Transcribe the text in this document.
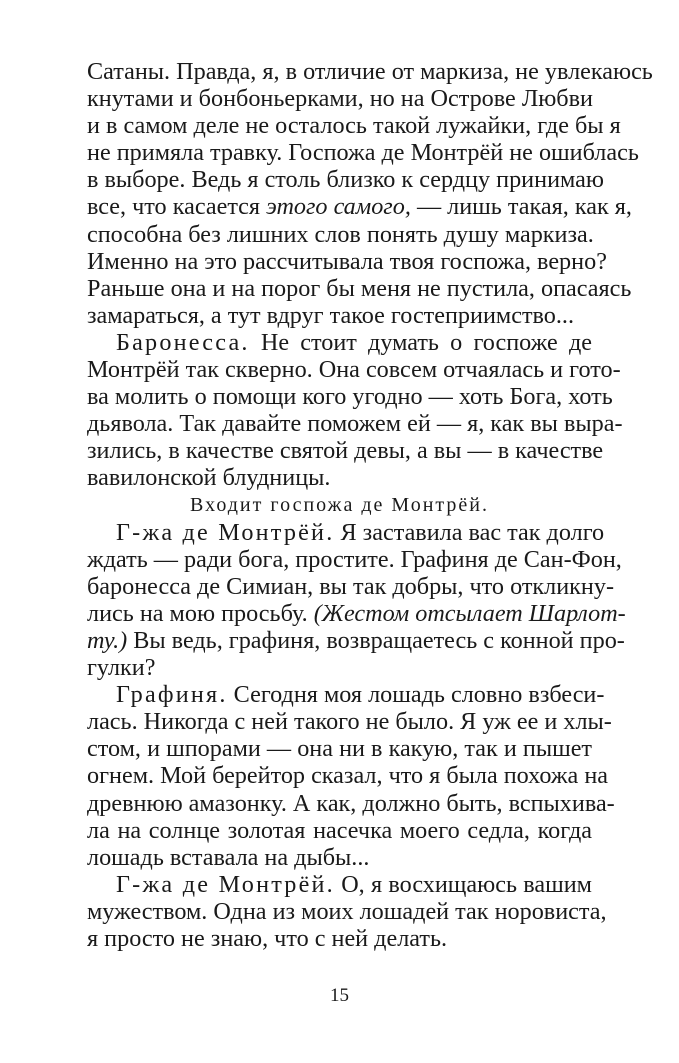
Сатаны. Правда, я, в отличие от маркиза, не увлекаюсь
кнутами и бонбоньерками, но на Острове Любви
и в самом деле не осталось такой лужайки, где бы я
не примяла травку. Госпожа де Монтрёй не ошиблась
в выборе. Ведь я столь близко к сердцу принимаю
все, что касается этого самого, — лишь такая, как я,
способна без лишних слов понять душу маркиза.
Именно на это рассчитывала твоя госпожа, верно?
Раньше она и на порог бы меня не пустила, опасаясь
замараться, а тут вдруг такое гостеприимство...

Баронесса. Не стоит думать о госпоже де
Монтрёй так скверно. Она совсем отчаялась и гото-
ва молить о помощи кого угодно — хоть Бога, хоть
дьявола. Так давайте поможем ей — я, как вы выра-
зились, в качестве святой девы, а вы — в качестве
вавилонской блудницы.

Входит госпожа де Монтрёй.

Г-жа де Монтрёй. Я заставила вас так долго
ждать — ради бога, простите. Графиня де Сан-Фон,
баронесса де Симиан, вы так добры, что откликну-
лись на мою просьбу. (Жестом отсылает Шарлот-
ту.) Вы ведь, графиня, возвращаетесь с конной про-
гулки?

Графиня. Сегодня моя лошадь словно взбеси-
лась. Никогда с ней такого не было. Я уж ее и хлы-
стом, и шпорами — она ни в какую, так и пышет
огнем. Мой берейтор сказал, что я была похожа на
древнюю амазонку. А как, должно быть, вспыхива-
ла на солнце золотая насечка моего седла, когда
лошадь вставала на дыбы...

Г-жа де Монтрёй. О, я восхищаюсь вашим
мужеством. Одна из моих лошадей так норовиста,
я просто не знаю, что с ней делать.

15
